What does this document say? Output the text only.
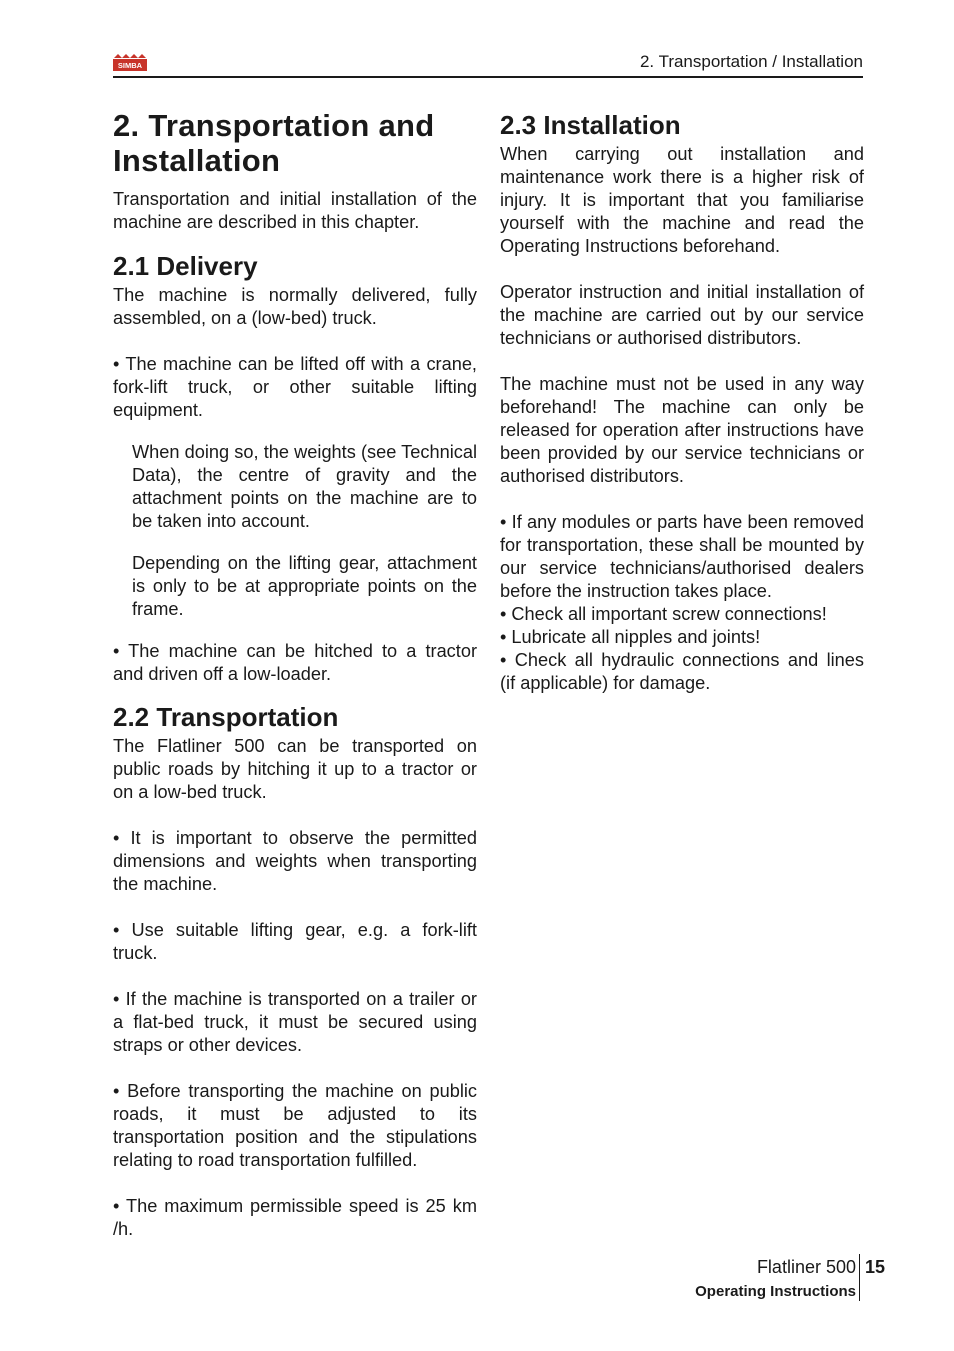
SIMBA	2. Transportation / Installation
2. Transportation and Installation

Transportation and initial installation of the machine are described in this chapter.

2.1 Delivery

The machine is normally delivered, fully assembled, on a (low-bed) truck.

• The machine can be lifted off with a crane, fork-lift truck, or other suitable lifting equipment.

When doing so, the weights (see Technical Data), the centre of gravity and the attachment points on the machine are to be taken into account.

Depending on the lifting gear, attachment is only to be at appropriate points on the frame.

• The machine can be hitched to a tractor and driven off a low-loader.

2.2 Transportation

The Flatliner 500 can be transported on public roads by hitching it up to a tractor or on a low-bed truck.

• It is important to observe the permitted dimensions and weights when transporting the machine.

• Use suitable lifting gear, e.g. a fork-lift truck.

• If the machine is transported on a trailer or a flat-bed truck, it must be secured using straps or other devices.

• Before transporting the machine on public roads, it must be adjusted to its transportation position and the stipulations relating to road transportation fulfilled.

• The maximum permissible speed is 25 km /h.

2.3 Installation

When carrying out installation and maintenance work there is a higher risk of injury. It is important that you familiarise yourself with the machine and read the Operating Instructions beforehand.

Operator instruction and initial installation of the machine are carried out by our service technicians or authorised distributors.

The machine must not be used in any way beforehand! The machine can only be released for operation after instructions have been provided by our service technicians or authorised distributors.

• If any modules or parts have been removed for transportation, these shall be mounted by our service technicians/authorised dealers before the instruction takes place.

• Check all important screw connections!

• Lubricate all nipples and joints!

• Check all hydraulic connections and lines (if applicable) for damage.

Flatliner 500 15
Operating Instructions
